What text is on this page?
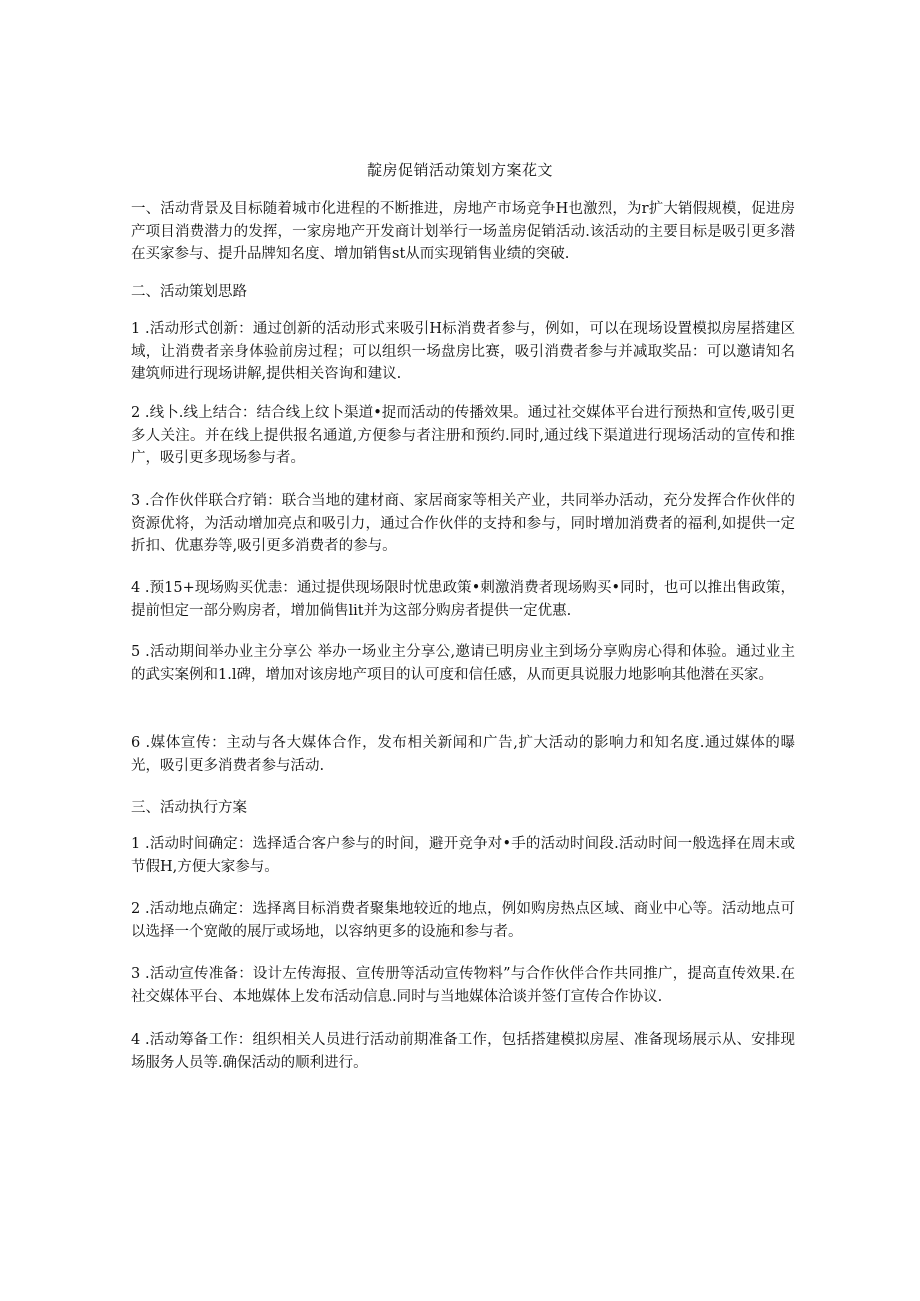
靛房促销活动策划方案花文

一、活动背景及目标随着城市化进程的不断推进，房地产市场竞争H也激烈，为r扩大销假规模，促进房产项目消费潜力的发挥，一家房地产开发商计划举行一场盖房促销活动.该活动的主要目标是吸引更多潜在买家参与、提升品牌知名度、增加销售st从而实现销售业绩的突破.

二、活动策划思路

1 .活动形式创新：通过创新的活动形式来吸引H标消费者参与，例如，可以在现场设置模拟房屋搭建区域，让消费者亲身体验前房过程；可以组织一场盘房比赛，吸引消费者参与并减取奖品：可以邀请知名建筑师进行现场讲解,提供相关咨询和建议.

2 .线卜.线上结合：结合线上纹卜渠道•捉而活动的传播效果。通过社交媒体平台进行预热和宣传,吸引更多人关注。并在线上提供报名通道,方便参与者注册和预约.同时,通过线下渠道进行现场活动的宣传和推广，吸引更多现场参与者。

3 .合作伙伴联合疗销：联合当地的建材商、家居商家等相关产业，共同举办活动，充分发挥合作伙伴的资源优将，为活动增加亮点和吸引力，通过合作伙伴的支持和参与，同时增加消费者的福利,如提供一定折扣、优惠券等,吸引更多消费者的参与。

4 .预15+现场购买优恚：通过提供现场限时忧患政策•刺激消费者现场购买•同时，也可以推出售政策，提前怛定一部分购房者，增加倘售lit并为这部分购房者提供一定优惠.

5 .活动期间举办业主分享公 举办一场业主分享公,邀请已明房业主到场分享购房心得和体验。通过业主的武实案例和1.l碑，增加对该房地产项目的认可度和信任感，从而更具说服力地影响其他潜在买家。

6 .媒体宣传：主动与各大媒体合作，发布相关新闻和广告,扩大活动的影响力和知名度.通过媒体的曝光，吸引更多消费者参与活动.

三、活动执行方案

1 .活动时间确定：选择适合客户参与的时间，避开竞争对•手的活动时间段.活动时间一般选择在周末或节假H,方便大家参与。

2 .活动地点确定：选择离目标消费者聚集地较近的地点，例如购房热点区域、商业中心等。活动地点可以选择一个宽敞的展厅或场地，以容纳更多的设施和参与者。

3 .活动宣传准备：设计左传海报、宣传册等活动宣传物料”与合作伙伴合作共同推广，提高直传效果.在社交媒体平台、本地媒体上发布活动信息.同时与当地媒体洽谈并签仃宣传合作协议.

4 .活动筹备工作：组织相关人员进行活动前期准备工作，包括搭建模拟房屋、准备现场展示从、安排现场服务人员等.确保活动的顺利进行。
